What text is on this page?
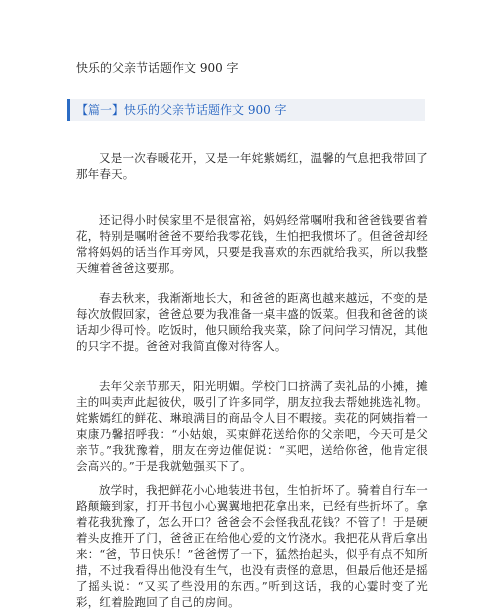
快乐的父亲节话题作文 900 字
【篇一】快乐的父亲节话题作文 900 字

又是一次春暖花开，又是一年姹紫嫣红，温馨的气息把我带回了那年春天。

还记得小时侯家里不是很富裕，妈妈经常嘱咐我和爸爸钱要省着花，特别是嘱咐爸爸不要给我零花钱，生怕把我惯坏了。但爸爸却经常将妈妈的话当作耳旁风，只要是我喜欢的东西就给我买，所以我整天缠着爸爸这要那。

春去秋来，我渐渐地长大，和爸爸的距离也越来越远，不变的是每次放假回家，爸爸总要为我准备一桌丰盛的饭菜。但我和爸爸的谈话却少得可怜。吃饭时，他只顾给我夹菜，除了问问学习情况，其他的只字不提。爸爸对我简直像对待客人。

去年父亲节那天，阳光明媚。学校门口挤满了卖礼品的小摊，摊主的叫卖声此起彼伏，吸引了许多同学，朋友拉我去帮她挑选礼物。姹紫嫣红的鲜花、琳琅满目的商品令人目不暇接。卖花的阿姨指着一束康乃馨招呼我：“小姑娘，买束鲜花送给你的父亲吧，今天可是父亲节。”我犹豫着，朋友在旁边催促说：“买吧，送给你爸，他肯定很会高兴的。”于是我就勉强买下了。

放学时，我把鲜花小心地装进书包，生怕折坏了。骑着自行车一路颠簸到家，打开书包小心翼翼地把花拿出来，已经有些折坏了。拿着花我犹豫了，怎么开口？爸爸会不会怪我乱花钱？不管了！于是硬着头皮推开了门，爸爸正在给他心爱的文竹浇水。我把花从背后拿出来：“爸，节日快乐！”爸爸愣了一下，猛然抬起头，似乎有点不知所措，不过我看得出他没有生气，也没有责怪的意思，但最后他还是摇了摇头说：“又买了些没用的东西。”听到这话，我的心霎时变了光彩，红着脸跑回了自己的房间。
